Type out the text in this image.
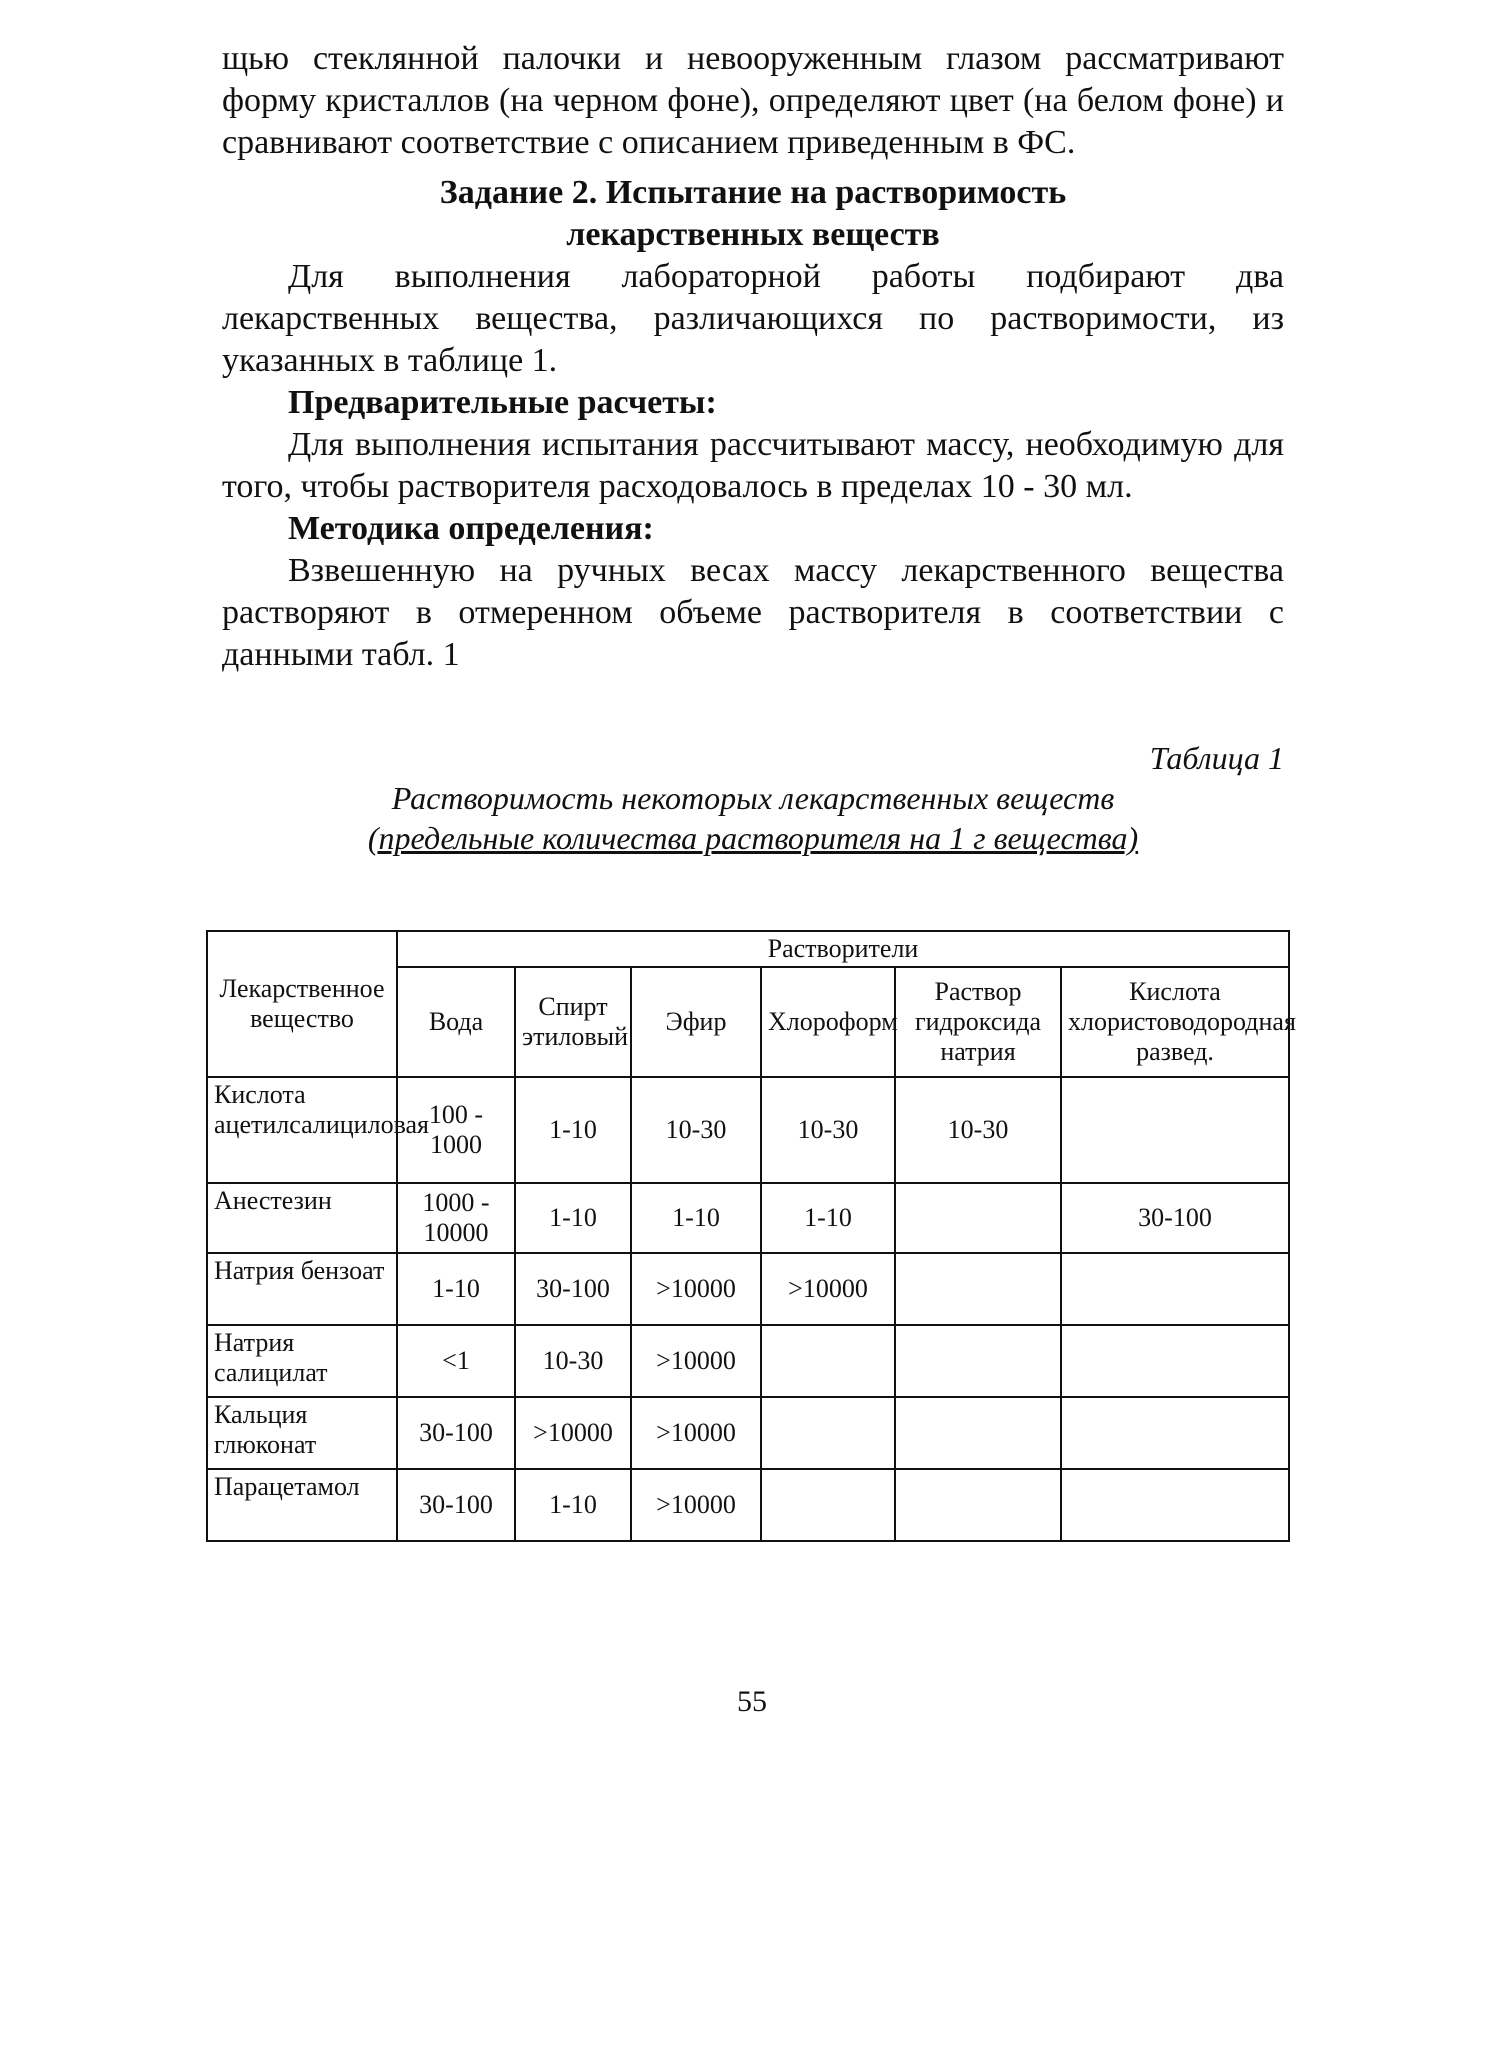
щью стеклянной палочки и невооруженным глазом рассматривают форму кристаллов (на черном фоне), определяют цвет (на белом фоне) и сравнивают соответствие с описанием приведенным в ФС.

Задание 2. Испытание на растворимость

лекарственных веществ

Для выполнения лабораторной работы подбирают два лекарственных вещества, различающихся по растворимости, из указанных в таблице 1.

Предварительные расчеты:

Для выполнения испытания рассчитывают массу, необходимую для того, чтобы растворителя расходовалось в пределах 10 - 30 мл.

Методика определения:

Взвешенную на ручных весах массу лекарственного вещества растворяют в отмеренном объеме растворителя в соответствии с данными табл. 1

Таблица 1

Растворимость некоторых лекарственных веществ

(предельные количества растворителя на 1 г вещества)

Лекарственное вещество	Растворители					
	Вода	Спирт этиловый	Эфир	Хлороформ	Раствор гидроксида натрия	Кислота хлористоводородная развед.
Кислота ацетилсалициловая	100 - 1000	1-10	10-30	10-30	10-30	
Анестезин	1000 - 10000	1-10	1-10	1-10		30-100
Натрия бензоат	1-10	30-100	>10000	>10000		
Натрия салицилат	<1	10-30	>10000			
Кальция глюконат	30-100	>10000	>10000			
Парацетамол	30-100	1-10	>10000			
55
